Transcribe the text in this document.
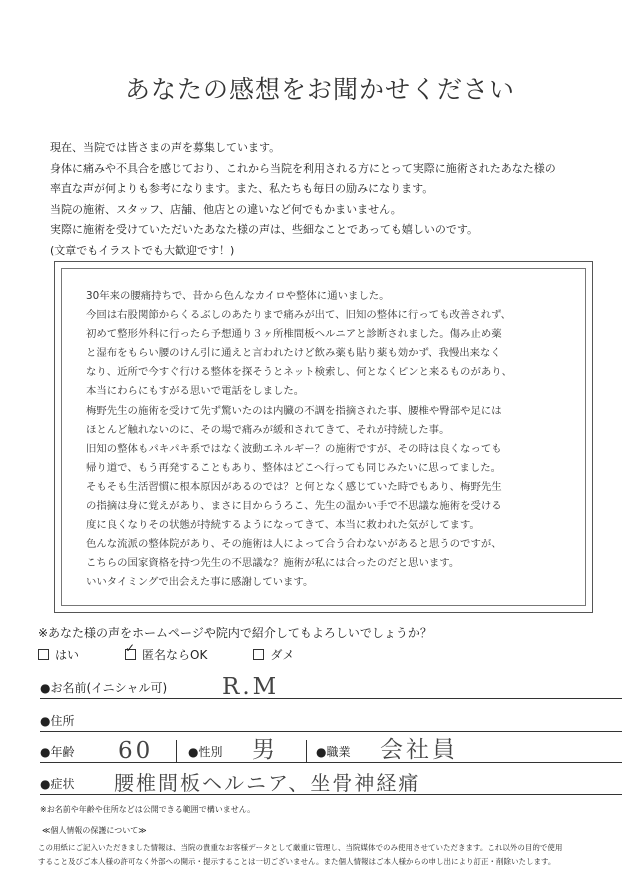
あなたの感想をお聞かせください
現在、当院では皆さまの声を募集しています。
身体に痛みや不具合を感じており、これから当院を利用される方にとって実際に施術されたあなた様の
率直な声が何よりも参考になります。また、私たちも毎日の励みになります。
当院の施術、スタッフ、店舗、他店との違いなど何でもかまいません。
実際に施術を受けていただいたあなた様の声は、些細なことであっても嬉しいのです。
(文章でもイラストでも大歓迎です！)
30年来の腰痛持ちで、昔から色んなカイロや整体に通いました。
今回は右股関節からくるぶしのあたりまで痛みが出て、旧知の整体に行っても改善されず、
初めて整形外科に行ったら予想通り３ヶ所椎間板ヘルニアと診断されました。傷み止め薬
と湿布をもらい腰のけん引に通えと言われたけど飲み薬も貼り薬も効かず、我慢出来なく
なり、近所で今すぐ行ける整体を探そうとネット検索し、何となくピンと来るものがあり、
本当にわらにもすがる思いで電話をしました。
梅野先生の施術を受けて先ず驚いたのは内臓の不調を指摘された事、腰椎や臀部や足には
ほとんど触れないのに、その場で痛みが緩和されてきて、それが持続した事。
旧知の整体もパキパキ系ではなく波動エネルギー？の施術ですが、その時は良くなっても
帰り道で、もう再発することもあり、整体はどこへ行っても同じみたいに思ってました。
そもそも生活習慣に根本原因があるのでは？と何となく感じていた時でもあり、梅野先生
の指摘は身に覚えがあり、まさに目からうろこ、先生の温かい手で不思議な施術を受ける
度に良くなりその状態が持続するようになってきて、本当に救われた気がしてます。
色んな流派の整体院があり、その施術は人によって合う合わないがあると思うのですが、
こちらの国家資格を持つ先生の不思議な？施術が私には合ったのだと思います。
いいタイミングで出会えた事に感謝しています。
※あなた様の声をホームページや院内で紹介してもよろしいでしょうか？
はい	✓ 匿名ならOK	ダメ
●お名前(イニシャル可) R.M
●住所
●年齢 60	●性別 男	●職業 会社員
●症状 腰椎間板ヘルニア、坐骨神経痛
※お名前や年齢や住所などは公開できる範囲で構いません。
≪個人情報の保護について≫
この用紙にご記入いただきました情報は、当院の貴重なお客様データとして厳重に管理し、当院媒体でのみ使用させていただきます。これ以外の目的で使用
すること及びご本人様の許可なく外部への開示・提示することは一切ございません。また個人情報はご本人様からの申し出により訂正・削除いたします。
